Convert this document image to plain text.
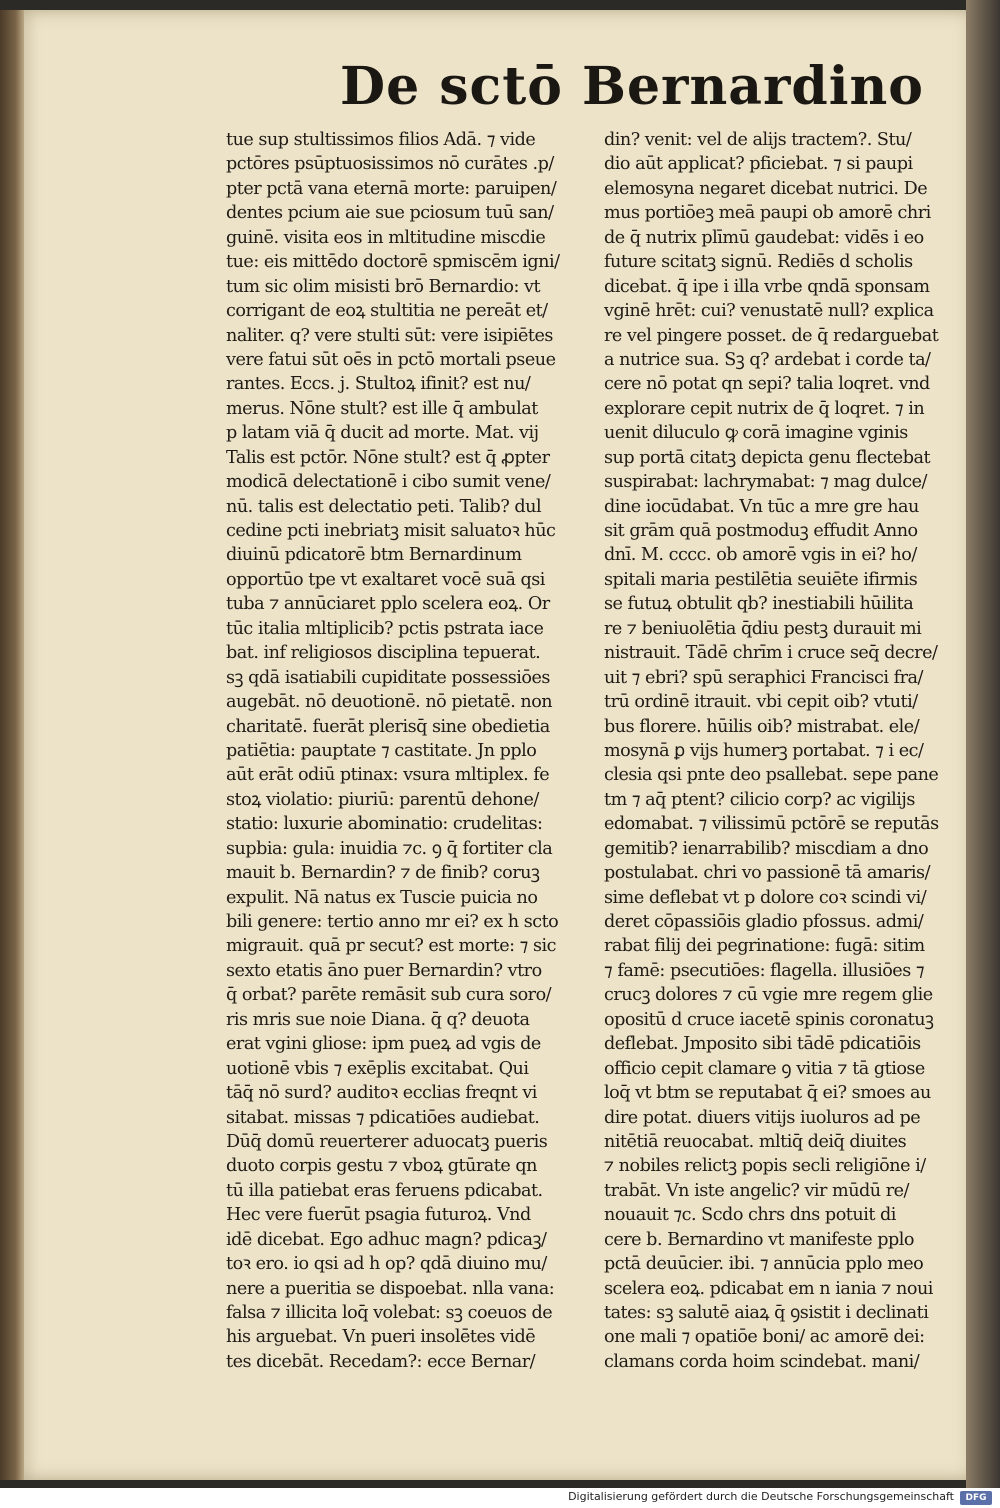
De sctō Bernardino
tue sup stultissimos filios Adā. ⁊ vide
pctōres psūptuosissimos nō curātes .p/
pter pctā vana eternā morte: paruipen/
dentes pcium aie sue pciosum tuū san/
guinē. visita eos in mltitudine miscdie
tue: eis mittēdo doctorē spmiscēm igni/
tum sic olim misisti brō Bernardio: vt
corrigant de eoꝝ stultitia ne pereāt et/
naliter. q? vere stulti sūt: vere isipiētes
vere fatui sūt oēs in pctō mortali pseue
rantes. Eccs. j. Stultoꝝ ifinit? est nu/
merus. Nōne stult? est ille q̄ ambulat
p latam viā q̄ ducit ad morte. Mat. vij
Talis est pctōr. Nōne stult? est q̄ ꝓpter
modicā delectationē i cibo sumit vene/
nū. talis est delectatio peti. Talib? dul
cedine pcti inebriatꝫ misit saluatoꝛ hūc
diuinū pdicatorē btm Bernardinum
opportūo tpe vt exaltaret vocē suā qsi
tuba ⁊ annūciaret pplo scelera eoꝝ. Or
tūc italia mltiplicib? pctis pstrata iace
bat. inf religiosos disciplina tepuerat.
sꝫ qdā isatiabili cupiditate possessiōes
augebāt. nō deuotionē. nō pietatē. non
charitatē. fuerāt plerisq̄ sine obedietia
patiētia: pauptate ⁊ castitate. Jn pplo
aūt erāt odiū ptinax: vsura mltiplex. fe
stoꝝ violatio: piuriū: parentū dehone/
statio: luxurie abominatio: crudelitas:
supbia: gula: inuidia ⁊c. ꝯ q̄ fortiter cla
mauit b. Bernardin? ⁊ de finib? coruꝫ
expulit. Nā natus ex Tuscie puicia no
bili genere: tertio anno mr ei? ex h scto
migrauit. quā pr secut? est morte: ⁊ sic
sexto etatis āno puer Bernardin? vtro
q̄ orbat? parēte remāsit sub cura soro/
ris mris sue noie Diana. q̄ q? deuota
erat vgini gliose: ipm pueꝝ ad vgis de
uotionē vbis ⁊ exēplis excitabat. Qui
tāq̄ nō surd? auditoꝛ ecclias freqnt vi
sitabat. missas ⁊ pdicatiōes audiebat.
Dūq̄ domū reuerterer aduocatꝫ pueris
duoto corpis gestu ⁊ vboꝝ gtūrate qn
tū illa patiebat eras feruens pdicabat.
Hec vere fuerūt psagia futuroꝝ. Vnd
idē dicebat. Ego adhuc magn? pdicaꝫ/
toꝛ ero. io qsi ad h op? qdā diuino mu/
nere a pueritia se dispoebat. nlla vana:
falsa ⁊ illicita loq̄ volebat: sꝫ coeuos de
his arguebat. Vn pueri insolētes vidē
tes dicebāt. Recedam?: ecce Bernar/
din? venit: vel de alijs tractem?. Stu/
dio aūt applicat? pficiebat. ⁊ si paupi
elemosyna negaret dicebat nutrici. De
mus portiōeꝫ meā paupi ob amorē chri
de q̄ nutrix plīmū gaudebat: vidēs i eo
future scitatꝫ signū. Rediēs d scholis
dicebat. q̄ ipe i illa vrbe qndā sponsam
vginē hrēt: cui? venustatē null? explica
re vel pingere posset. de q̄ redarguebat
a nutrice sua. Sꝫ q? ardebat i corde ta/
cere nō potat qn sepi? talia loqret. vnd
explorare cepit nutrix de q̄ loqret. ⁊ in
uenit diluculo ꝙ corā imagine vginis
sup portā citatꝫ depicta genu flectebat
suspirabat: lachrymabat: ⁊ mag dulce/
dine iocūdabat. Vn tūc a mre gre hau
sit grām quā postmoduꝫ effudit Anno
dnī. M. cccc. ob amorē vgis in ei? ho/
spitali maria pestilētia seuiēte ifirmis
se futuꝝ obtulit qb? inestiabili hūilita
re ⁊ beniuolētia q̄diu pestꝫ durauit mi
nistrauit. Tādē chrīm i cruce seq̄ decre/
uit ⁊ ebri? spū seraphici Francisci fra/
trū ordinē itrauit. vbi cepit oib? vtuti/
bus florere. hūilis oib? mistrabat. ele/
mosynā ꝑ vijs humerꝫ portabat. ⁊ i ec/
clesia qsi pnte deo psallebat. sepe pane
tm ⁊ aq̄ ptent? cilicio corp? ac vigilijs
edomabat. ⁊ vilissimū pctōrē se reputās
gemitib? ienarrabilib? miscdiam a dno
postulabat. chri vo passionē tā amaris/
sime deflebat vt p dolore coꝛ scindi vi/
deret cōpassiōis gladio pfossus. admi/
rabat filij dei pegrinatione: fugā: sitim
⁊ famē: psecutiōes: flagella. illusiōes ⁊
crucꝫ dolores ⁊ cū vgie mre regem glie
opositū d cruce iacetē spinis coronatuꝫ
deflebat. Jmposito sibi tādē pdicatiōis
officio cepit clamare ꝯ vitia ⁊ tā gtiose
loq̄ vt btm se reputabat q̄ ei? smoes au
dire potat. diuers vitijs iuoluros ad pe
nitētiā reuocabat. mltiq̄ deiq̄ diuites
⁊ nobiles relictꝫ popis secli religiōne i/
trabāt. Vn iste angelic? vir mūdū re/
nouauit ⁊c. Scdo chrs dns potuit di
cere b. Bernardino vt manifeste pplo
pctā deuūcier. ibi. ⁊ annūcia pplo meo
scelera eoꝝ. pdicabat em n iania ⁊ noui
tates: sꝫ salutē aiaꝝ q̄ ꝯsistit i declinati
one mali ⁊ opatiōe boni/ ac amorē dei:
clamans corda hoim scindebat. mani/
Digitalisierung gefördert durch die Deutsche Forschungsgemeinschaft	DFG
